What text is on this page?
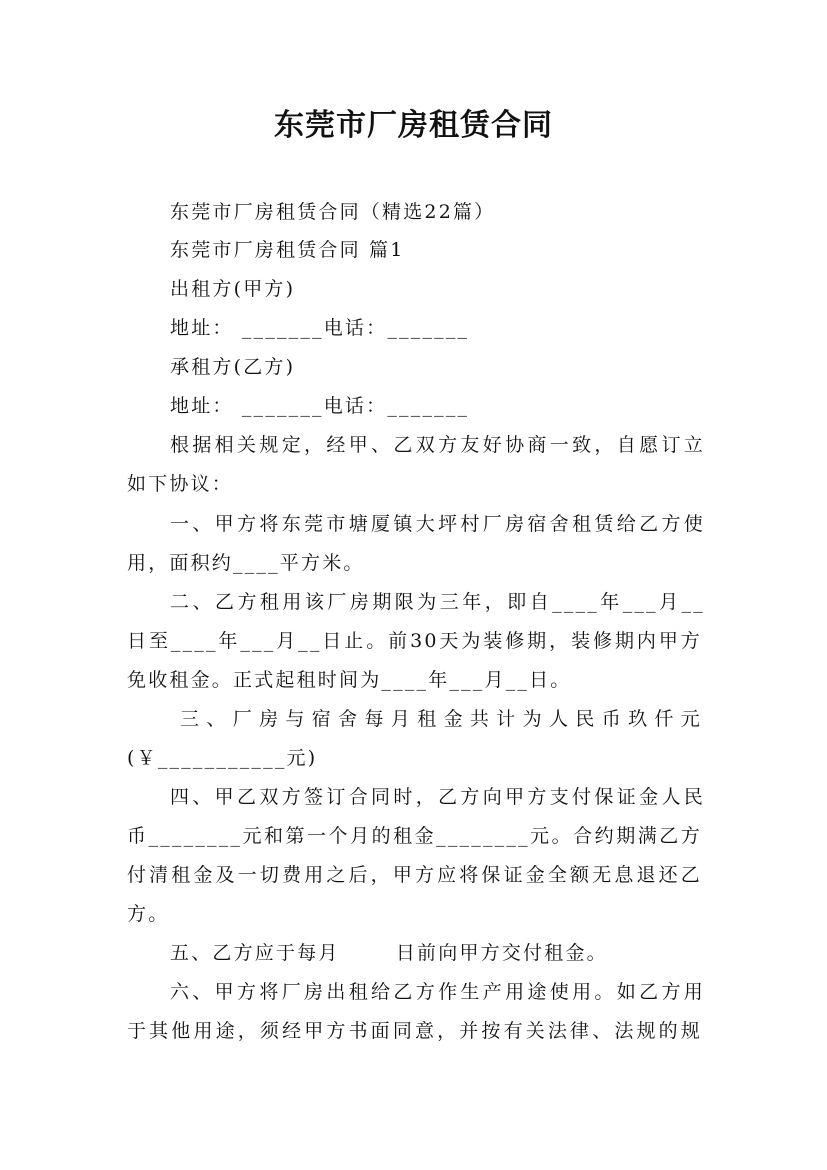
东莞市厂房租赁合同
东莞市厂房租赁合同（精选22篇）
东莞市厂房租赁合同 篇1
出租方(甲方)
地址： _______电话：_______
承租方(乙方)
地址： _______电话：_______
根据相关规定，经甲、乙双方友好协商一致，自愿订立
如下协议：
一、甲方将东莞市塘厦镇大坪村厂房宿舍租赁给乙方使
用，面积约____平方米。
二、乙方租用该厂房期限为三年，即自____年___月__
日至____年___月__日止。前30天为装修期，装修期内甲方
免收租金。正式起租时间为____年___月__日。
三、厂房与宿舍每月租金共计为人民币玖仟元
(￥___________元)
四、甲乙双方签订合同时，乙方向甲方支付保证金人民
币________元和第一个月的租金________元。合约期满乙方
付清租金及一切费用之后，甲方应将保证金全额无息退还乙
方。
五、乙方应于每月 日前向甲方交付租金。
六、甲方将厂房出租给乙方作生产用途使用。如乙方用
于其他用途，须经甲方书面同意，并按有关法律、法规的规
